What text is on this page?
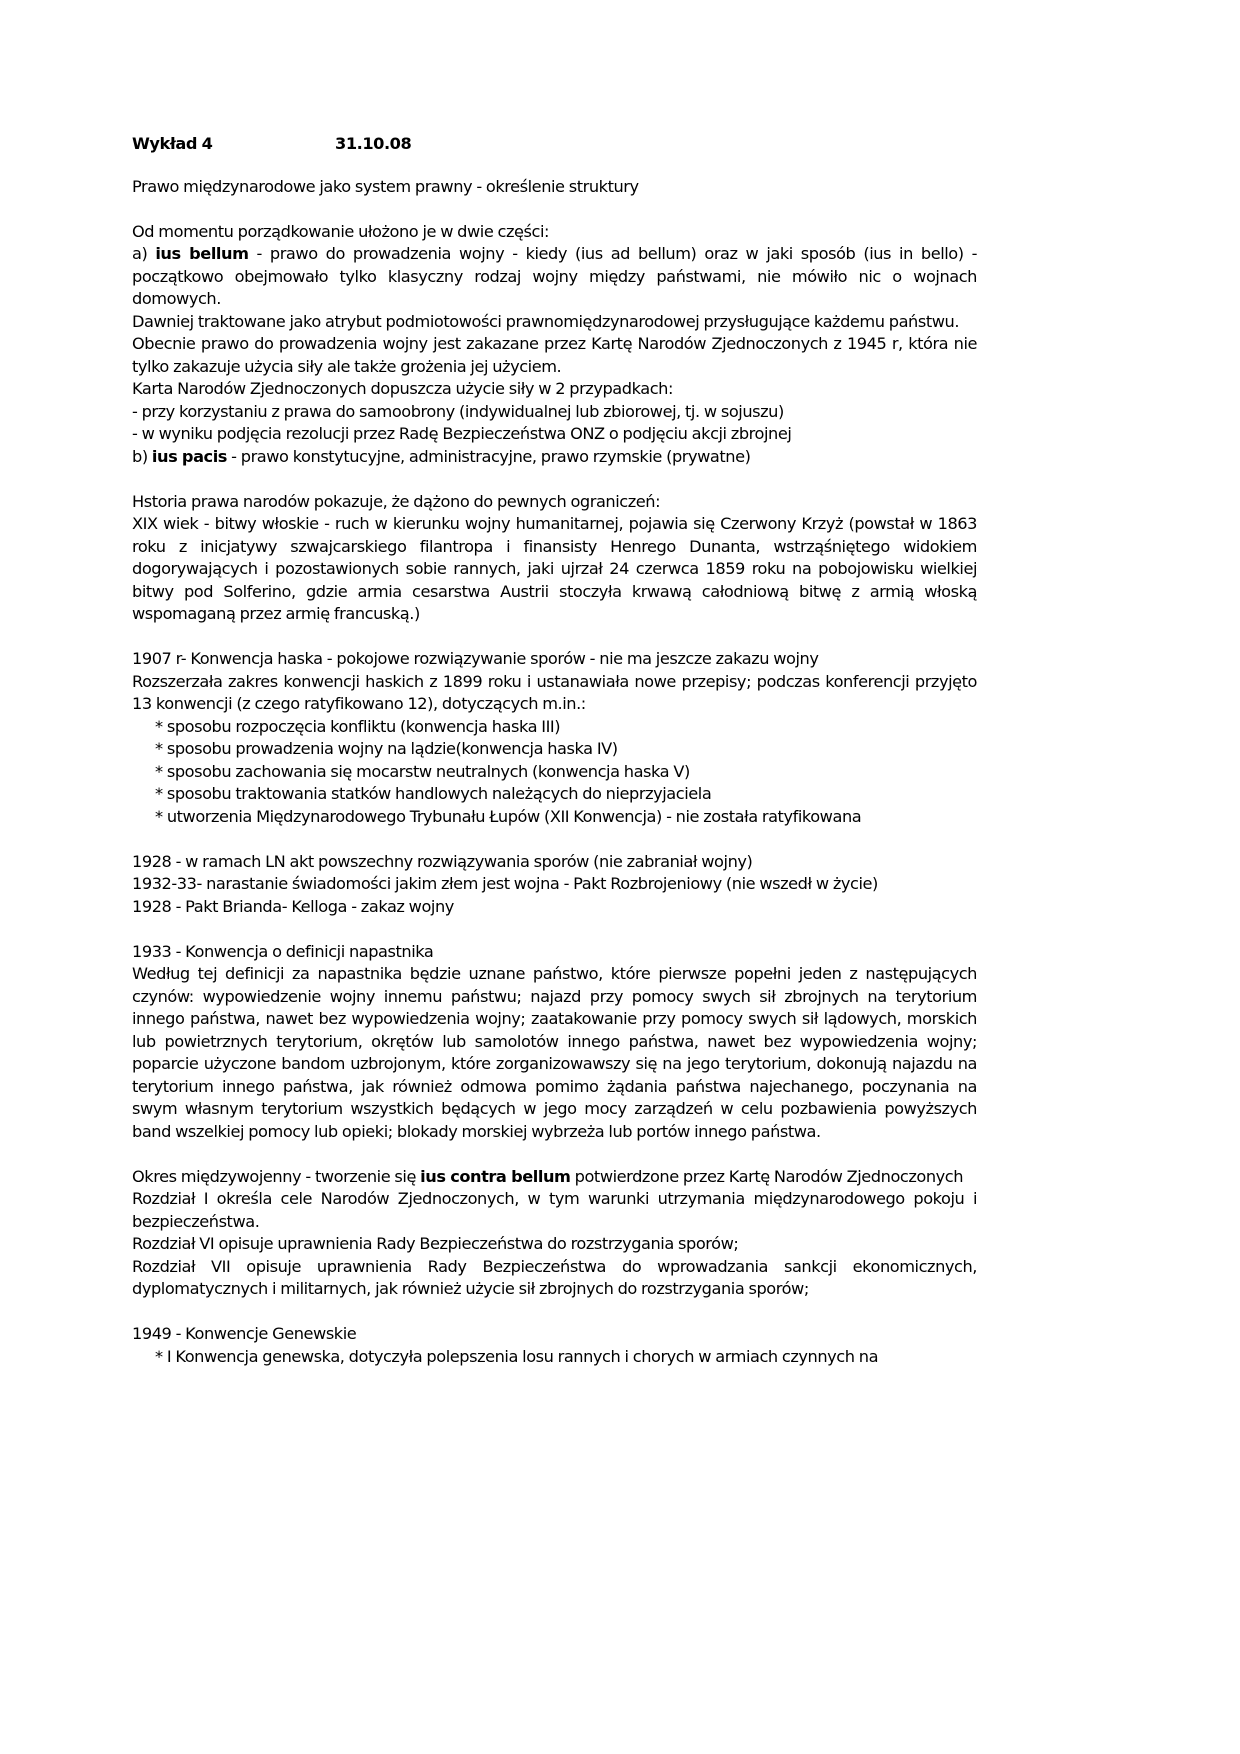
Wykład 4	31.10.08
Prawo międzynarodowe jako system prawny - określenie struktury
Od momentu porządkowanie ułożono je w dwie części:
a) ius bellum - prawo do prowadzenia wojny - kiedy (ius ad bellum) oraz w jaki sposób (ius in bello) - początkowo obejmowało tylko klasyczny rodzaj wojny między państwami, nie mówiło nic o wojnach domowych.
Dawniej traktowane jako atrybut podmiotowości prawnomiędzynarodowej przysługujące każdemu państwu.
Obecnie prawo do prowadzenia wojny jest zakazane przez Kartę Narodów Zjednoczonych z 1945 r, która nie tylko zakazuje użycia siły ale także grożenia jej użyciem.
Karta Narodów Zjednoczonych dopuszcza użycie siły w 2 przypadkach:
- przy korzystaniu z prawa do samoobrony (indywidualnej lub zbiorowej, tj. w sojuszu)
- w wyniku podjęcia rezolucji przez Radę Bezpieczeństwa ONZ o podjęciu akcji zbrojnej
b) ius pacis - prawo konstytucyjne, administracyjne, prawo rzymskie (prywatne)
Hstoria prawa narodów pokazuje, że dążono do pewnych ograniczeń:
XIX wiek - bitwy włoskie - ruch w kierunku wojny humanitarnej, pojawia się Czerwony Krzyż (powstał w 1863 roku z inicjatywy szwajcarskiego filantropa i finansisty Henrego Dunanta, wstrząśniętego widokiem dogorywających i pozostawionych sobie rannych, jaki ujrzał 24 czerwca 1859 roku na pobojowisku wielkiej bitwy pod Solferino, gdzie armia cesarstwa Austrii stoczyła krwawą całodniową bitwę z armią włoską wspomaganą przez armię francuską.)
1907 r- Konwencja haska - pokojowe rozwiązywanie sporów - nie ma jeszcze zakazu wojny
Rozszerzała zakres konwencji haskich z 1899 roku i ustanawiała nowe przepisy; podczas konferencji przyjęto 13 konwencji (z czego ratyfikowano 12), dotyczących m.in.:
* sposobu rozpoczęcia konfliktu (konwencja haska III)
* sposobu prowadzenia wojny na lądzie(konwencja haska IV)
* sposobu zachowania się mocarstw neutralnych (konwencja haska V)
* sposobu traktowania statków handlowych należących do nieprzyjaciela
* utworzenia Międzynarodowego Trybunału Łupów (XII Konwencja) - nie została ratyfikowana
1928 - w ramach LN akt powszechny rozwiązywania sporów (nie zabraniał wojny)
1932-33- narastanie świadomości jakim złem jest wojna - Pakt Rozbrojeniowy (nie wszedł w życie)
1928 - Pakt Brianda- Kelloga - zakaz wojny
1933 - Konwencja o definicji napastnika
Według tej definicji za napastnika będzie uznane państwo, które pierwsze popełni jeden z następujących czynów: wypowiedzenie wojny innemu państwu; najazd przy pomocy swych sił zbrojnych na terytorium innego państwa, nawet bez wypowiedzenia wojny; zaatakowanie przy pomocy swych sił lądowych, morskich lub powietrznych terytorium, okrętów lub samolotów innego państwa, nawet bez wypowiedzenia wojny; poparcie użyczone bandom uzbrojonym, które zorganizowawszy się na jego terytorium, dokonują najazdu na terytorium innego państwa, jak również odmowa pomimo żądania państwa najechanego, poczynania na swym własnym terytorium wszystkich będących w jego mocy zarządzeń w celu pozbawienia powyższych band wszelkiej pomocy lub opieki; blokady morskiej wybrzeża lub portów innego państwa.
Okres międzywojenny - tworzenie się ius contra bellum potwierdzone przez Kartę Narodów Zjednoczonych
Rozdział I określa cele Narodów Zjednoczonych, w tym warunki utrzymania międzynarodowego pokoju i bezpieczeństwa.
Rozdział VI opisuje uprawnienia Rady Bezpieczeństwa do rozstrzygania sporów;
Rozdział VII opisuje uprawnienia Rady Bezpieczeństwa do wprowadzania sankcji ekonomicznych, dyplomatycznych i militarnych, jak również użycie sił zbrojnych do rozstrzygania sporów;
1949 - Konwencje Genewskie
* I Konwencja genewska, dotyczyła polepszenia losu rannych i chorych w armiach czynnych na
